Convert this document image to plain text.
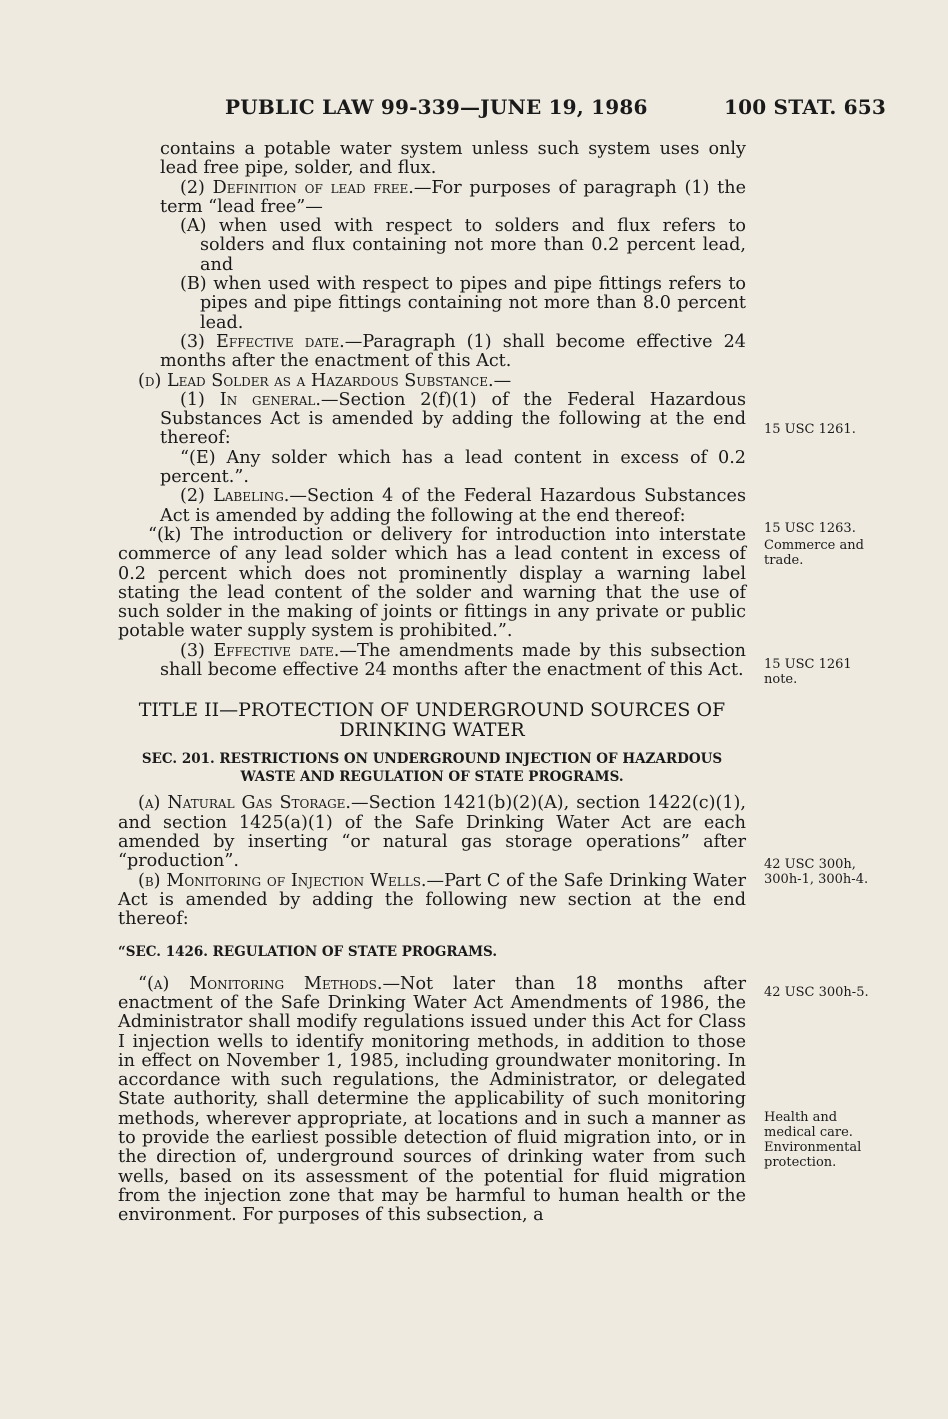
PUBLIC LAW 99-339—JUNE 19, 1986	100 STAT. 653

contains a potable water system unless such system uses only lead free pipe, solder, and flux.

(2) Definition of lead free.—For purposes of paragraph (1) the term “lead free”—

(A) when used with respect to solders and flux refers to solders and flux containing not more than 0.2 percent lead, and

(B) when used with respect to pipes and pipe fittings refers to pipes and pipe fittings containing not more than 8.0 percent lead.

(3) Effective date.—Paragraph (1) shall become effective 24 months after the enactment of this Act.

(d) Lead Solder as a Hazardous Substance.—

(1) In general.—Section 2(f)(1) of the Federal Hazardous Substances Act is amended by adding the following at the end thereof:

“(E) Any solder which has a lead content in excess of 0.2 percent.”.

(2) Labeling.—Section 4 of the Federal Hazardous Substances Act is amended by adding the following at the end thereof:

“(k) The introduction or delivery for introduction into interstate commerce of any lead solder which has a lead content in excess of 0.2 percent which does not prominently display a warning label stating the lead content of the solder and warning that the use of such solder in the making of joints or fittings in any private or public potable water supply system is prohibited.”.

(3) Effective date.—The amendments made by this subsection shall become effective 24 months after the enactment of this Act.

TITLE II—PROTECTION OF UNDERGROUND SOURCES OF DRINKING WATER

SEC. 201. RESTRICTIONS ON UNDERGROUND INJECTION OF HAZARDOUS WASTE AND REGULATION OF STATE PROGRAMS.

(a) Natural Gas Storage.—Section 1421(b)(2)(A), section 1422(c)(1), and section 1425(a)(1) of the Safe Drinking Water Act are each amended by inserting “or natural gas storage operations” after “production”.

(b) Monitoring of Injection Wells.—Part C of the Safe Drinking Water Act is amended by adding the following new section at the end thereof:

“SEC. 1426. REGULATION OF STATE PROGRAMS.

“(a) Monitoring Methods.—Not later than 18 months after enactment of the Safe Drinking Water Act Amendments of 1986, the Administrator shall modify regulations issued under this Act for Class I injection wells to identify monitoring methods, in addition to those in effect on November 1, 1985, including groundwater monitoring. In accordance with such regulations, the Administrator, or delegated State authority, shall determine the applicability of such monitoring methods, wherever appropriate, at locations and in such a manner as to provide the earliest possible detection of fluid migration into, or in the direction of, underground sources of drinking water from such wells, based on its assessment of the potential for fluid migration from the injection zone that may be harmful to human health or the environment. For purposes of this subsection, a

15 USC 1261.
15 USC 1263.
Commerce and trade.
15 USC 1261 note.
42 USC 300h, 300h-1, 300h-4.
42 USC 300h-5.
Health and medical care. Environmental protection.
